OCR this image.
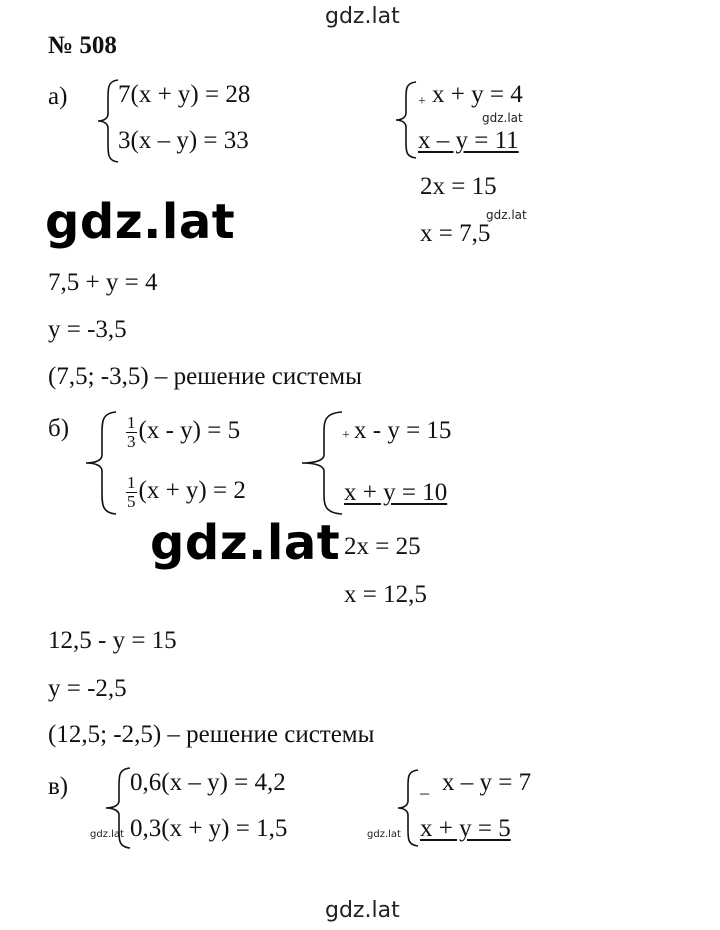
gdz.lat
gdz.lat
gdz.lat
gdz.lat
gdz.lat
gdz.lat	gdz.lat
gdz.lat
№ 508
а) 7(x + y) = 28
3(x – y) = 33
+ x + y = 4
x – y = 11
2x = 15
x = 7,5
7,5 + y = 4
y = -3,5
(7,5; -3,5) – решение системы
б)	$\frac{1}{3} (x - y) = 5$
$\frac{1}{5} (x + y) = 2$
+ x - y = 15
x + y = 10
2x = 25
x = 12,5
12,5 - y = 15
y = -2,5
(12,5; -2,5) – решение системы
в) 0,6(x – y) = 4,2
0,3(x + y) = 1,5
_ x – y = 7
x + y = 5
